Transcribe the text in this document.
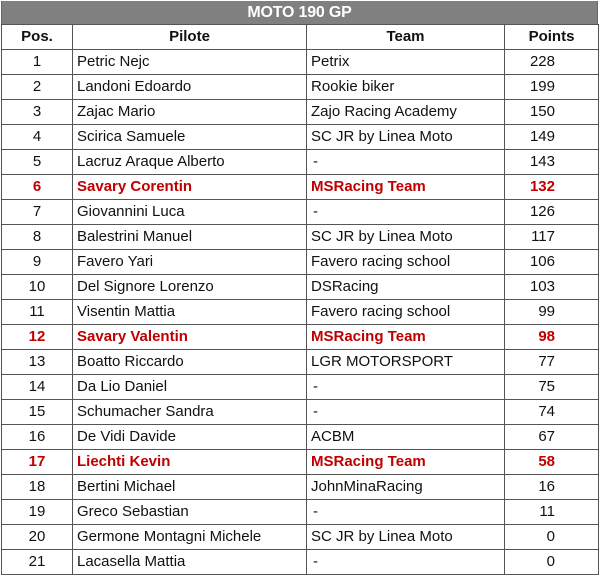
MOTO 190 GP
Pos.	Pilote	Team	Points
1	Petric Nejc	Petrix	228
2	Landoni Edoardo	Rookie biker	199
3	Zajac Mario	Zajo Racing Academy	150
4	Scirica Samuele	SC JR by Linea Moto	149
5	Lacruz Araque Alberto	-	143
6	Savary Corentin	MSRacing Team	132
7	Giovannini Luca	-	126
8	Balestrini Manuel	SC JR by Linea Moto	117
9	Favero Yari	Favero racing school	106
10	Del Signore Lorenzo	DSRacing	103
11	Visentin Mattia	Favero racing school	99
12	Savary Valentin	MSRacing Team	98
13	Boatto Riccardo	LGR MOTORSPORT	77
14	Da Lio Daniel	-	75
15	Schumacher Sandra	-	74
16	De Vidi Davide	ACBM	67
17	Liechti Kevin	MSRacing Team	58
18	Bertini Michael	JohnMinaRacing	16
19	Greco Sebastian	-	11
20	Germone Montagni Michele	SC JR by Linea Moto	0
21	Lacasella Mattia	-	0
